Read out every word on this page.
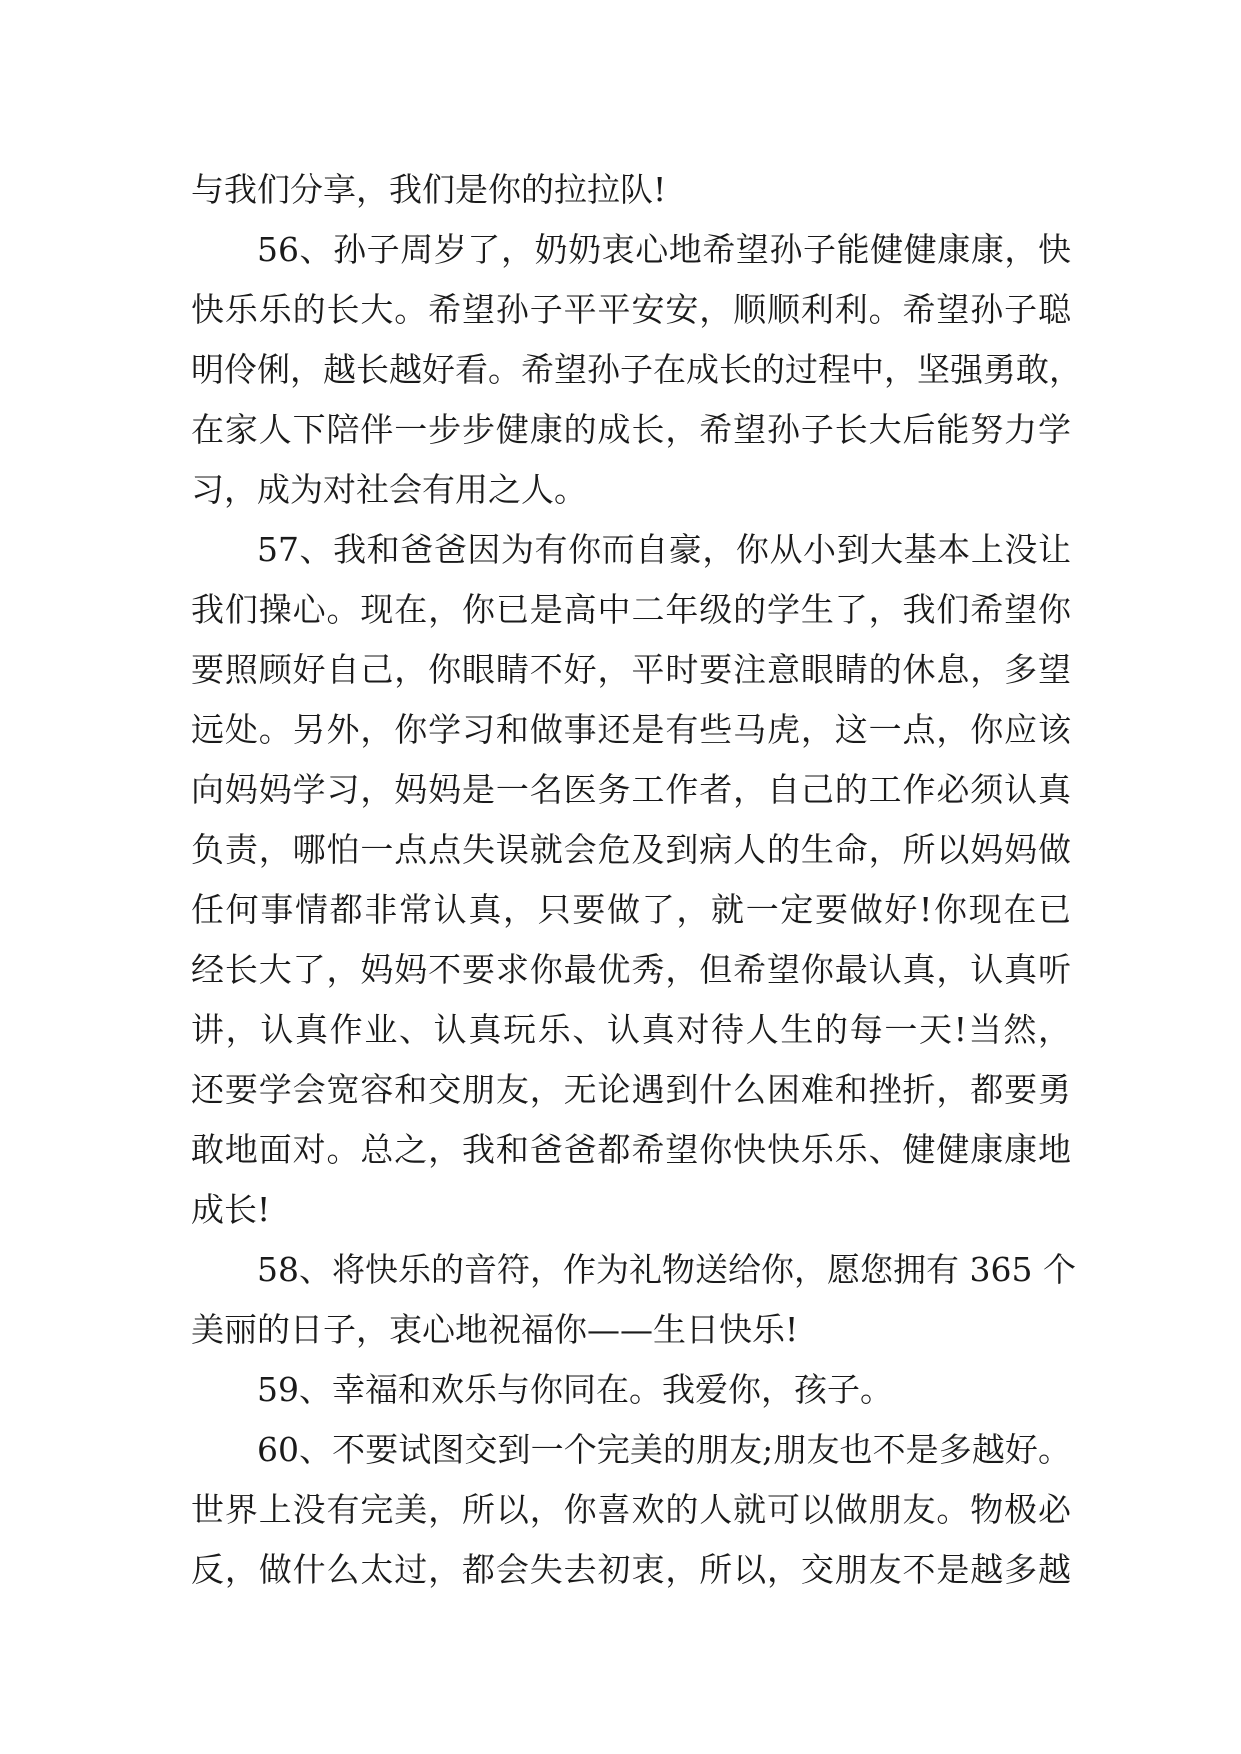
与我们分享，我们是你的拉拉队!
56、孙子周岁了，奶奶衷心地希望孙子能健健康康，快
快乐乐的长大。希望孙子平平安安，顺顺利利。希望孙子聪
明伶俐，越长越好看。希望孙子在成长的过程中，坚强勇敢，
在家人下陪伴一步步健康的成长，希望孙子长大后能努力学
习，成为对社会有用之人。
57、我和爸爸因为有你而自豪，你从小到大基本上没让
我们操心。现在，你已是高中二年级的学生了，我们希望你
要照顾好自己，你眼睛不好，平时要注意眼睛的休息，多望
远处。另外，你学习和做事还是有些马虎，这一点，你应该
向妈妈学习，妈妈是一名医务工作者，自己的工作必须认真
负责，哪怕一点点失误就会危及到病人的生命，所以妈妈做
任何事情都非常认真，只要做了，就一定要做好!你现在已
经长大了，妈妈不要求你最优秀，但希望你最认真，认真听
讲，认真作业、认真玩乐、认真对待人生的每一天!当然，
还要学会宽容和交朋友，无论遇到什么困难和挫折，都要勇
敢地面对。总之，我和爸爸都希望你快快乐乐、健健康康地
成长!
58、将快乐的音符，作为礼物送给你，愿您拥有 365 个
美丽的日子，衷心地祝福你——生日快乐!
59、幸福和欢乐与你同在。我爱你，孩子。
60、不要试图交到一个完美的朋友;朋友也不是多越好。
世界上没有完美，所以，你喜欢的人就可以做朋友。物极必
反，做什么太过，都会失去初衷，所以，交朋友不是越多越
